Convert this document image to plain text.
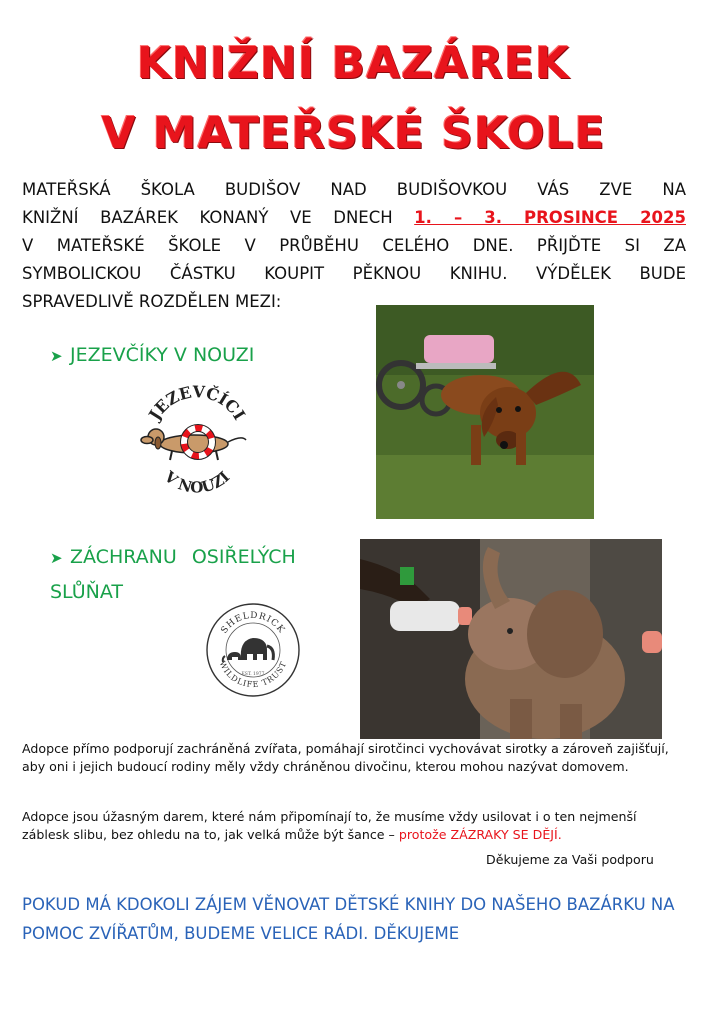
KNIŽNÍ BAZÁREK
V MATEŘSKÉ ŠKOLE
MATEŘSKÁ ŠKOLA BUDIŠOV NAD BUDIŠOVKOU VÁS ZVE NA
KNIŽNÍ BAZÁREK KONANÝ VE DNECH 1. – 3. PROSINCE 2025
V MATEŘSKÉ ŠKOLE V PRŮBĚHU CELÉHO DNE. PŘIJĎTE SI ZA
SYMBOLICKOU ČÁSTKU KOUPIT PĚKNOU KNIHU. VÝDĚLEK BUDE
SPRAVEDLIVĚ ROZDĚLEN MEZI:
➤ JEZEVČÍKY V NOUZI
➤ ZÁCHRANU OSIŘELÝCH SLŮŇAT
JEZEVČÍCI
V NOUZI
SHELDRICK
WILDLIFE TRUST
EST. 1977
Adopce přímo podporují zachráněná zvířata, pomáhají sirotčinci vychovávat sirotky a zároveň zajišťují, aby oni i jejich budoucí rodiny měly vždy chráněnou divočinu, kterou mohou nazývat domovem.
Adopce jsou úžasným darem, které nám připomínají to, že musíme vždy usilovat i o ten nejmenší záblesk slibu, bez ohledu na to, jak velká může být šance – protože ZÁZRAKY SE DĚJÍ.
Děkujeme za Vaši podporu
POKUD MÁ KDOKOLI ZÁJEM VĚNOVAT DĚTSKÉ KNIHY DO NAŠEHO BAZÁRKU NA POMOC ZVÍŘATŮM, BUDEME VELICE RÁDI. DĚKUJEME
